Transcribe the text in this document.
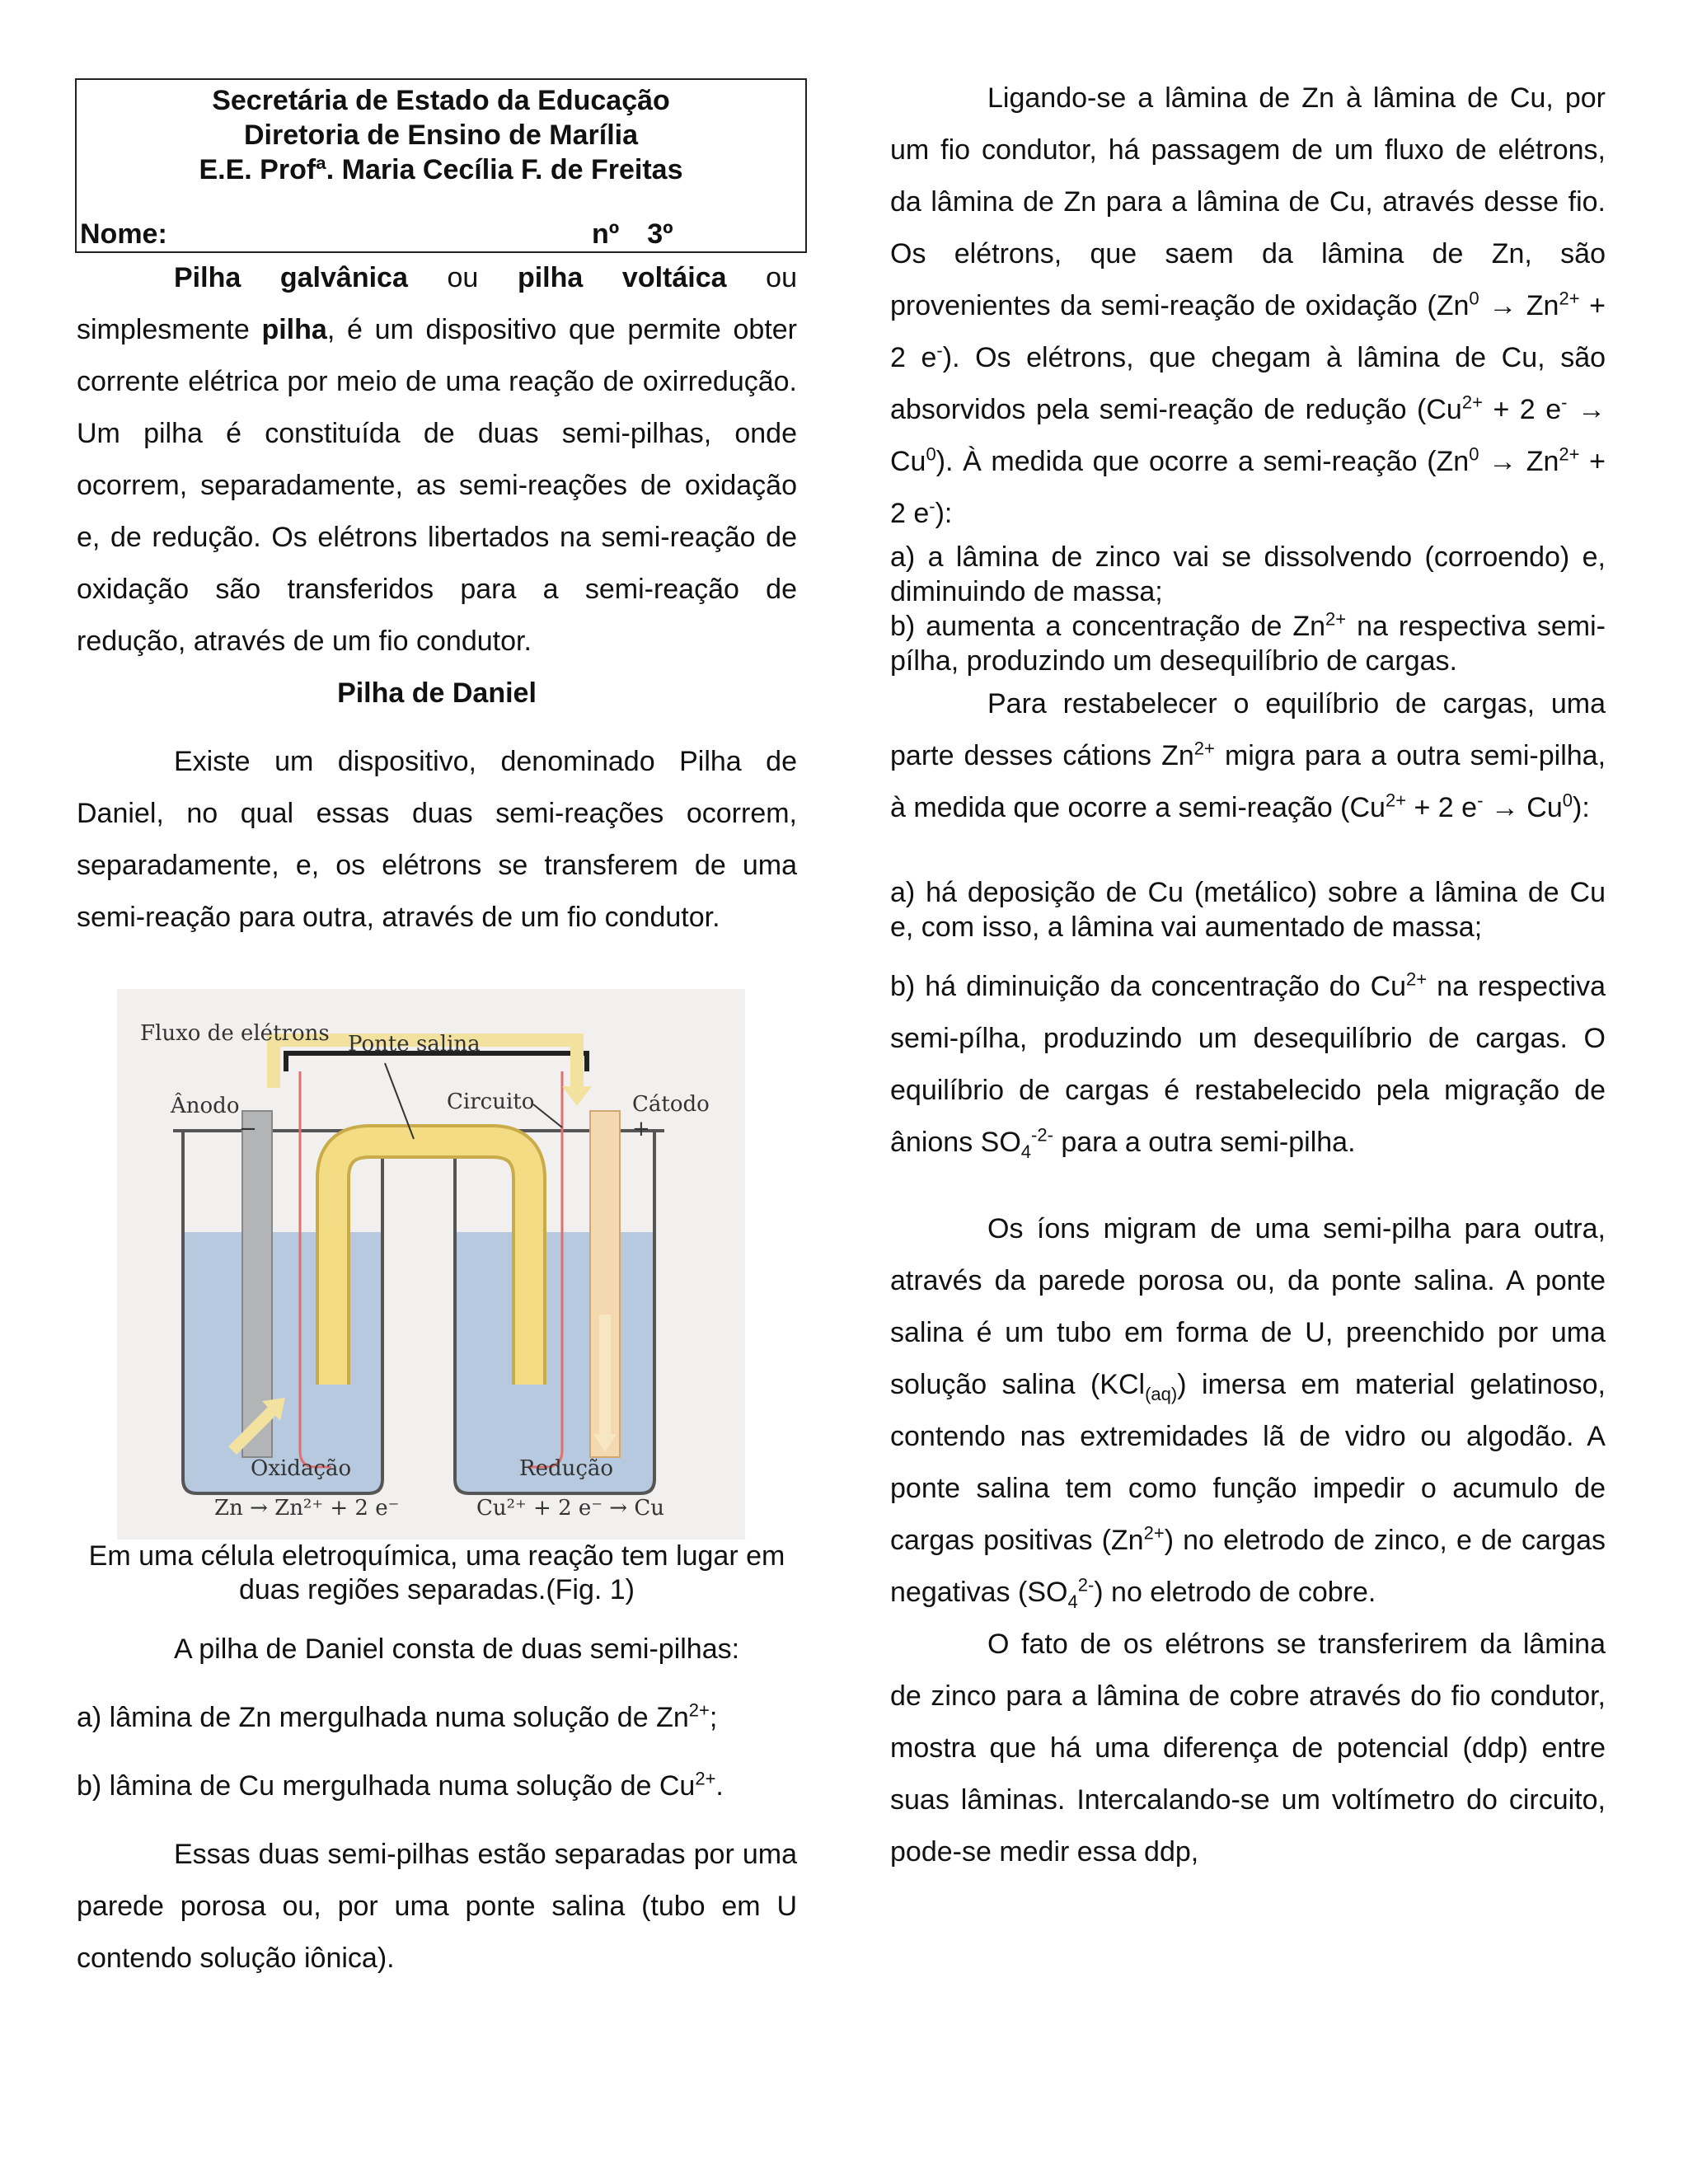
Secretária de Estado da Educação
Diretoria de Ensino de Marília
E.E. Profª. Maria Cecília F. de Freitas
Nome:	nº 3º

Pilha galvânica ou pilha voltáica ou simplesmente pilha, é um dispositivo que permite obter corrente elétrica por meio de uma reação de oxirredução. Um pilha é constituída de duas semi-pilhas, onde ocorrem, separadamente, as semi-reações de oxidação e, de redução. Os elétrons libertados na semi-reação de oxidação são transferidos para a semi-reação de redução, através de um fio condutor.

Pilha de Daniel

Existe um dispositivo, denominado Pilha de Daniel, no qual essas duas semi-reações ocorrem, separadamente, e, os elétrons se transferem de uma semi-reação para outra, através de um fio condutor.

Fluxo de elétrons Ponte salina
Ânodo	Circuito	Cátodo
−	+
Oxidação	Redução
Zn → Zn²⁺ + 2 e⁻	Cu²⁺ + 2 e⁻ → Cu

Em uma célula eletroquímica, uma reação tem lugar em duas regiões separadas.(Fig. 1)

A pilha de Daniel consta de duas semi-pilhas:

a) lâmina de Zn mergulhada numa solução de $Zn^{2+}$;

b) lâmina de Cu mergulhada numa solução de $Cu^{2+}$.

Essas duas semi-pilhas estão separadas por uma parede porosa ou, por uma ponte salina (tubo em U contendo solução iônica).

Ligando-se a lâmina de Zn à lâmina de Cu, por um fio condutor, há passagem de um fluxo de elétrons, da lâmina de Zn para a lâmina de Cu, através desse fio. Os elétrons, que saem da lâmina de Zn, são provenientes da semi-reação de oxidação ($Zn^0 \to Zn^{2+} + 2$ e-). Os elétrons, que chegam à lâmina de Cu, são absorvidos pela semi-reação de redução ($Cu^{2+} + 2$ $e^- \to Cu^0$). À medida que ocorre a semi-reação ($Zn^0 \to Zn^{2+} + 2$ e-):

a) a lâmina de zinco vai se dissolvendo (corroendo) e, diminuindo de massa;

b) aumenta a concentração de $Zn^{2+}$ na respectiva semi-pílha, produzindo um desequilíbrio de cargas.

Para restabelecer o equilíbrio de cargas, uma parte desses cátions $Zn^{2+}$ migra para a outra semi-pilha, à medida que ocorre a semi-reação ($Cu^{2+} + 2$ $e^- \to Cu^0$):

a) há deposição de Cu (metálico) sobre a lâmina de Cu e, com isso, a lâmina vai aumentado de massa;

b) há diminuição da concentração do $Cu^{2+}$ na respectiva semi-pílha, produzindo um desequilíbrio de cargas. O equilíbrio de cargas é restabelecido pela migração de ânions $SO_4^{-2-}$ para a outra semi-pilha.

Os íons migram de uma semi-pilha para outra, através da parede porosa ou, da ponte salina. A ponte salina é um tubo em forma de U, preenchido por uma solução salina (KCl$_{(aq)}$) imersa em material gelatinoso, contendo nas extremidades lã de vidro ou algodão. A ponte salina tem como função impedir o acumulo de cargas positivas $(Zn^{2+})$ no eletrodo de zinco, e de cargas negativas $(SO_4^{2-})$ no eletrodo de cobre.

O fato de os elétrons se transferirem da lâmina de zinco para a lâmina de cobre através do fio condutor, mostra que há uma diferença de potencial (ddp) entre suas lâminas. Intercalando-se um voltímetro do circuito, pode-se medir essa ddp,
